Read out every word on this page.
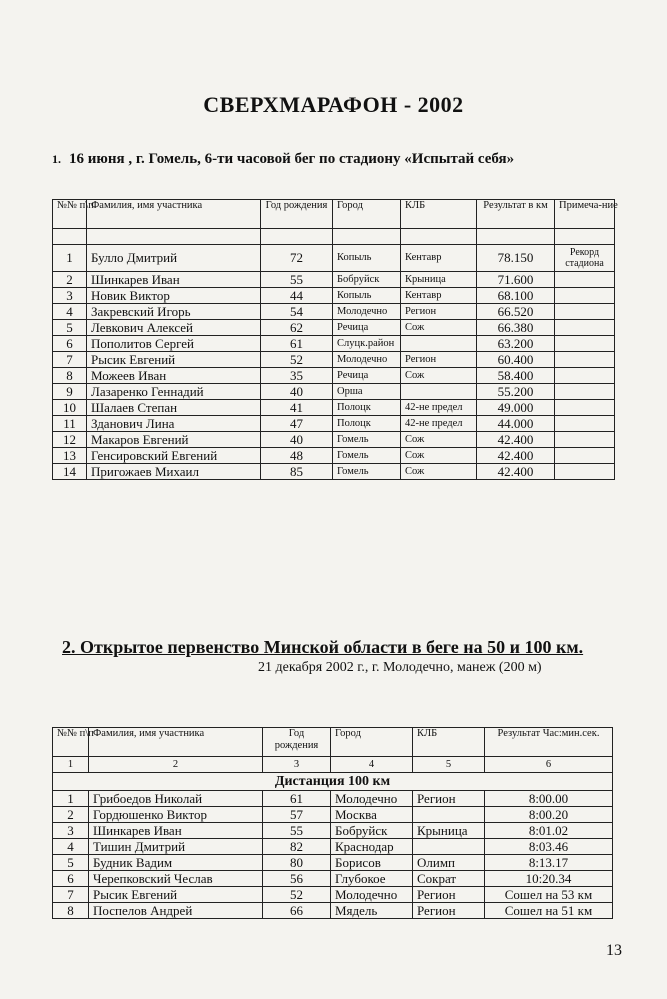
СВЕРХМАРАФОН - 2002
1. 16 июня , г. Гомель, 6-ти часовой бег по стадиону «Испытай себя»
№№ п\п	Фамилия, имя участника	Год рождения	Город	КЛБ	Результат в км	Примеча-ние

1	Булло Дмитрий	72	Копыль	Кентавр	78.150	Рекорд стадиона
2	Шинкарев Иван	55	Бобруйск	Крыница	71.600	
3	Новик Виктор	44	Копыль	Кентавр	68.100	
4	Закревский Игорь	54	Молодечно	Регион	66.520	
5	Левкович Алексей	62	Речица	Сож	66.380	
6	Пополитов Сергей	61	Слуцк.район		63.200	
7	Рысик Евгений	52	Молодечно	Регион	60.400	
8	Можеев Иван	35	Речица	Сож	58.400	
9	Лазаренко Геннадий	40	Орша		55.200	
10	Шалаев Степан	41	Полоцк	42-не предел	49.000	
11	Зданович Лина	47	Полоцк	42-не предел	44.000	
12	Макаров Евгений	40	Гомель	Сож	42.400	
13	Генсировский Евгений	48	Гомель	Сож	42.400	
14	Пригожаев Михаил	85	Гомель	Сож	42.400	
2. Открытое первенство Минской области в беге на 50 и 100 км.
21 декабря 2002 г., г. Молодечно, манеж (200 м)
№№ п\п	Фамилия, имя участника	Год рождения	Город	КЛБ	Результат Час:мин.сек.
1	2	3	4	5	6
Дистанция 100 км					
1	Грибоедов Николай	61	Молодечно	Регион	8:00.00
2	Гордюшенко Виктор	57	Москва		8:00.20
3	Шинкарев Иван	55	Бобруйск	Крыница	8:01.02
4	Тишин Дмитрий	82	Краснодар		8:03.46
5	Будник Вадим	80	Борисов	Олимп	8:13.17
6	Черепковский Чеслав	56	Глубокое	Сократ	10:20.34
7	Рысик Евгений	52	Молодечно	Регион	Сошел на 53 км
8	Поспелов Андрей	66	Мядель	Регион	Сошел на 51 км
13
